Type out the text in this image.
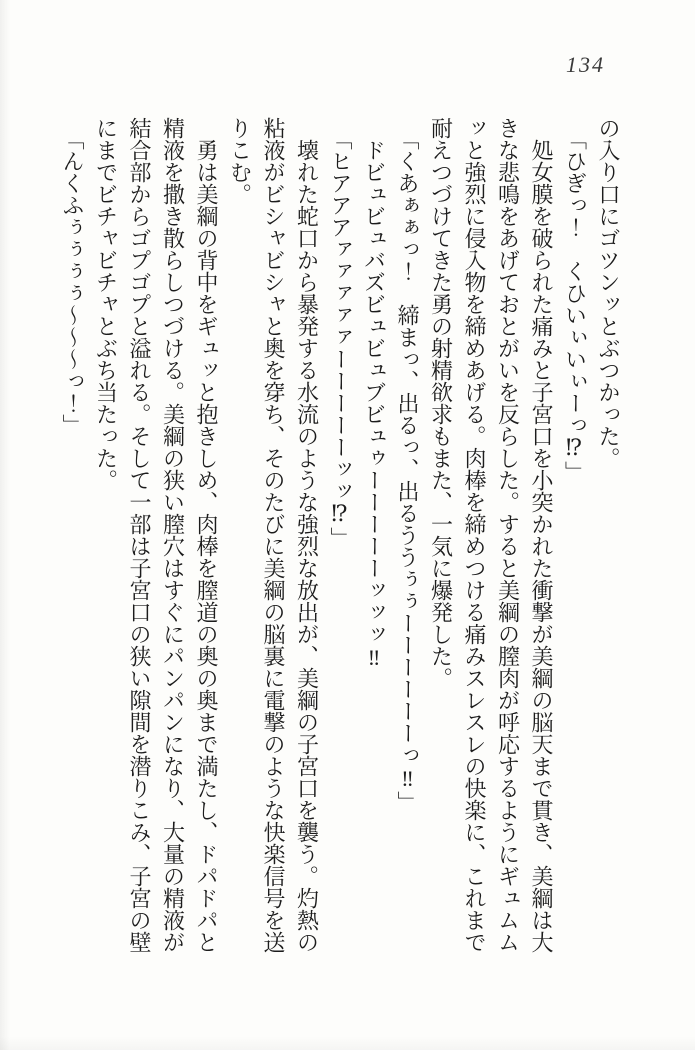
134

の入り口にゴツンッとぶつかった。

「ひぎっ！　くひいぃいぃーっ⁉」

処女膜を破られた痛みと子宮口を小突かれた衝撃が美綱の脳天まで貫き、美綱は大きな悲鳴をあげておとがいを反らした。すると美綱の膣肉が呼応するようにギュムムッと強烈に侵入物を締めあげる。肉棒を締めつける痛みスレスレの快楽に、これまで耐えつづけてきた勇の射精欲求もまた、一気に爆発した。

「くあぁぁっ！　締まっ、出るっ、出るううぅぅーーーーーーっ‼」

ドビュビュバズビュビュブビュゥーーーーーッッッ‼

「ヒアアアァァァァァーーーーーッッ⁉」

壊れた蛇口から暴発する水流のような強烈な放出が、美綱の子宮口を襲う。灼熱の粘液がビシャビシャと奥を穿ち、そのたびに美綱の脳裏に電撃のような快楽信号を送りこむ。

勇は美綱の背中をギュッと抱きしめ、肉棒を膣道の奥の奥まで満たし、ドパドパと精液を撒き散らしつづける。美綱の狭い膣穴はすぐにパンパンになり、大量の精液が結合部からゴプゴプと溢れる。そして一部は子宮口の狭い隙間を潜りこみ、子宮の壁にまでビチャビチャとぶち当たった。

「んくふぅぅぅぅ〜〜〜っ！」
